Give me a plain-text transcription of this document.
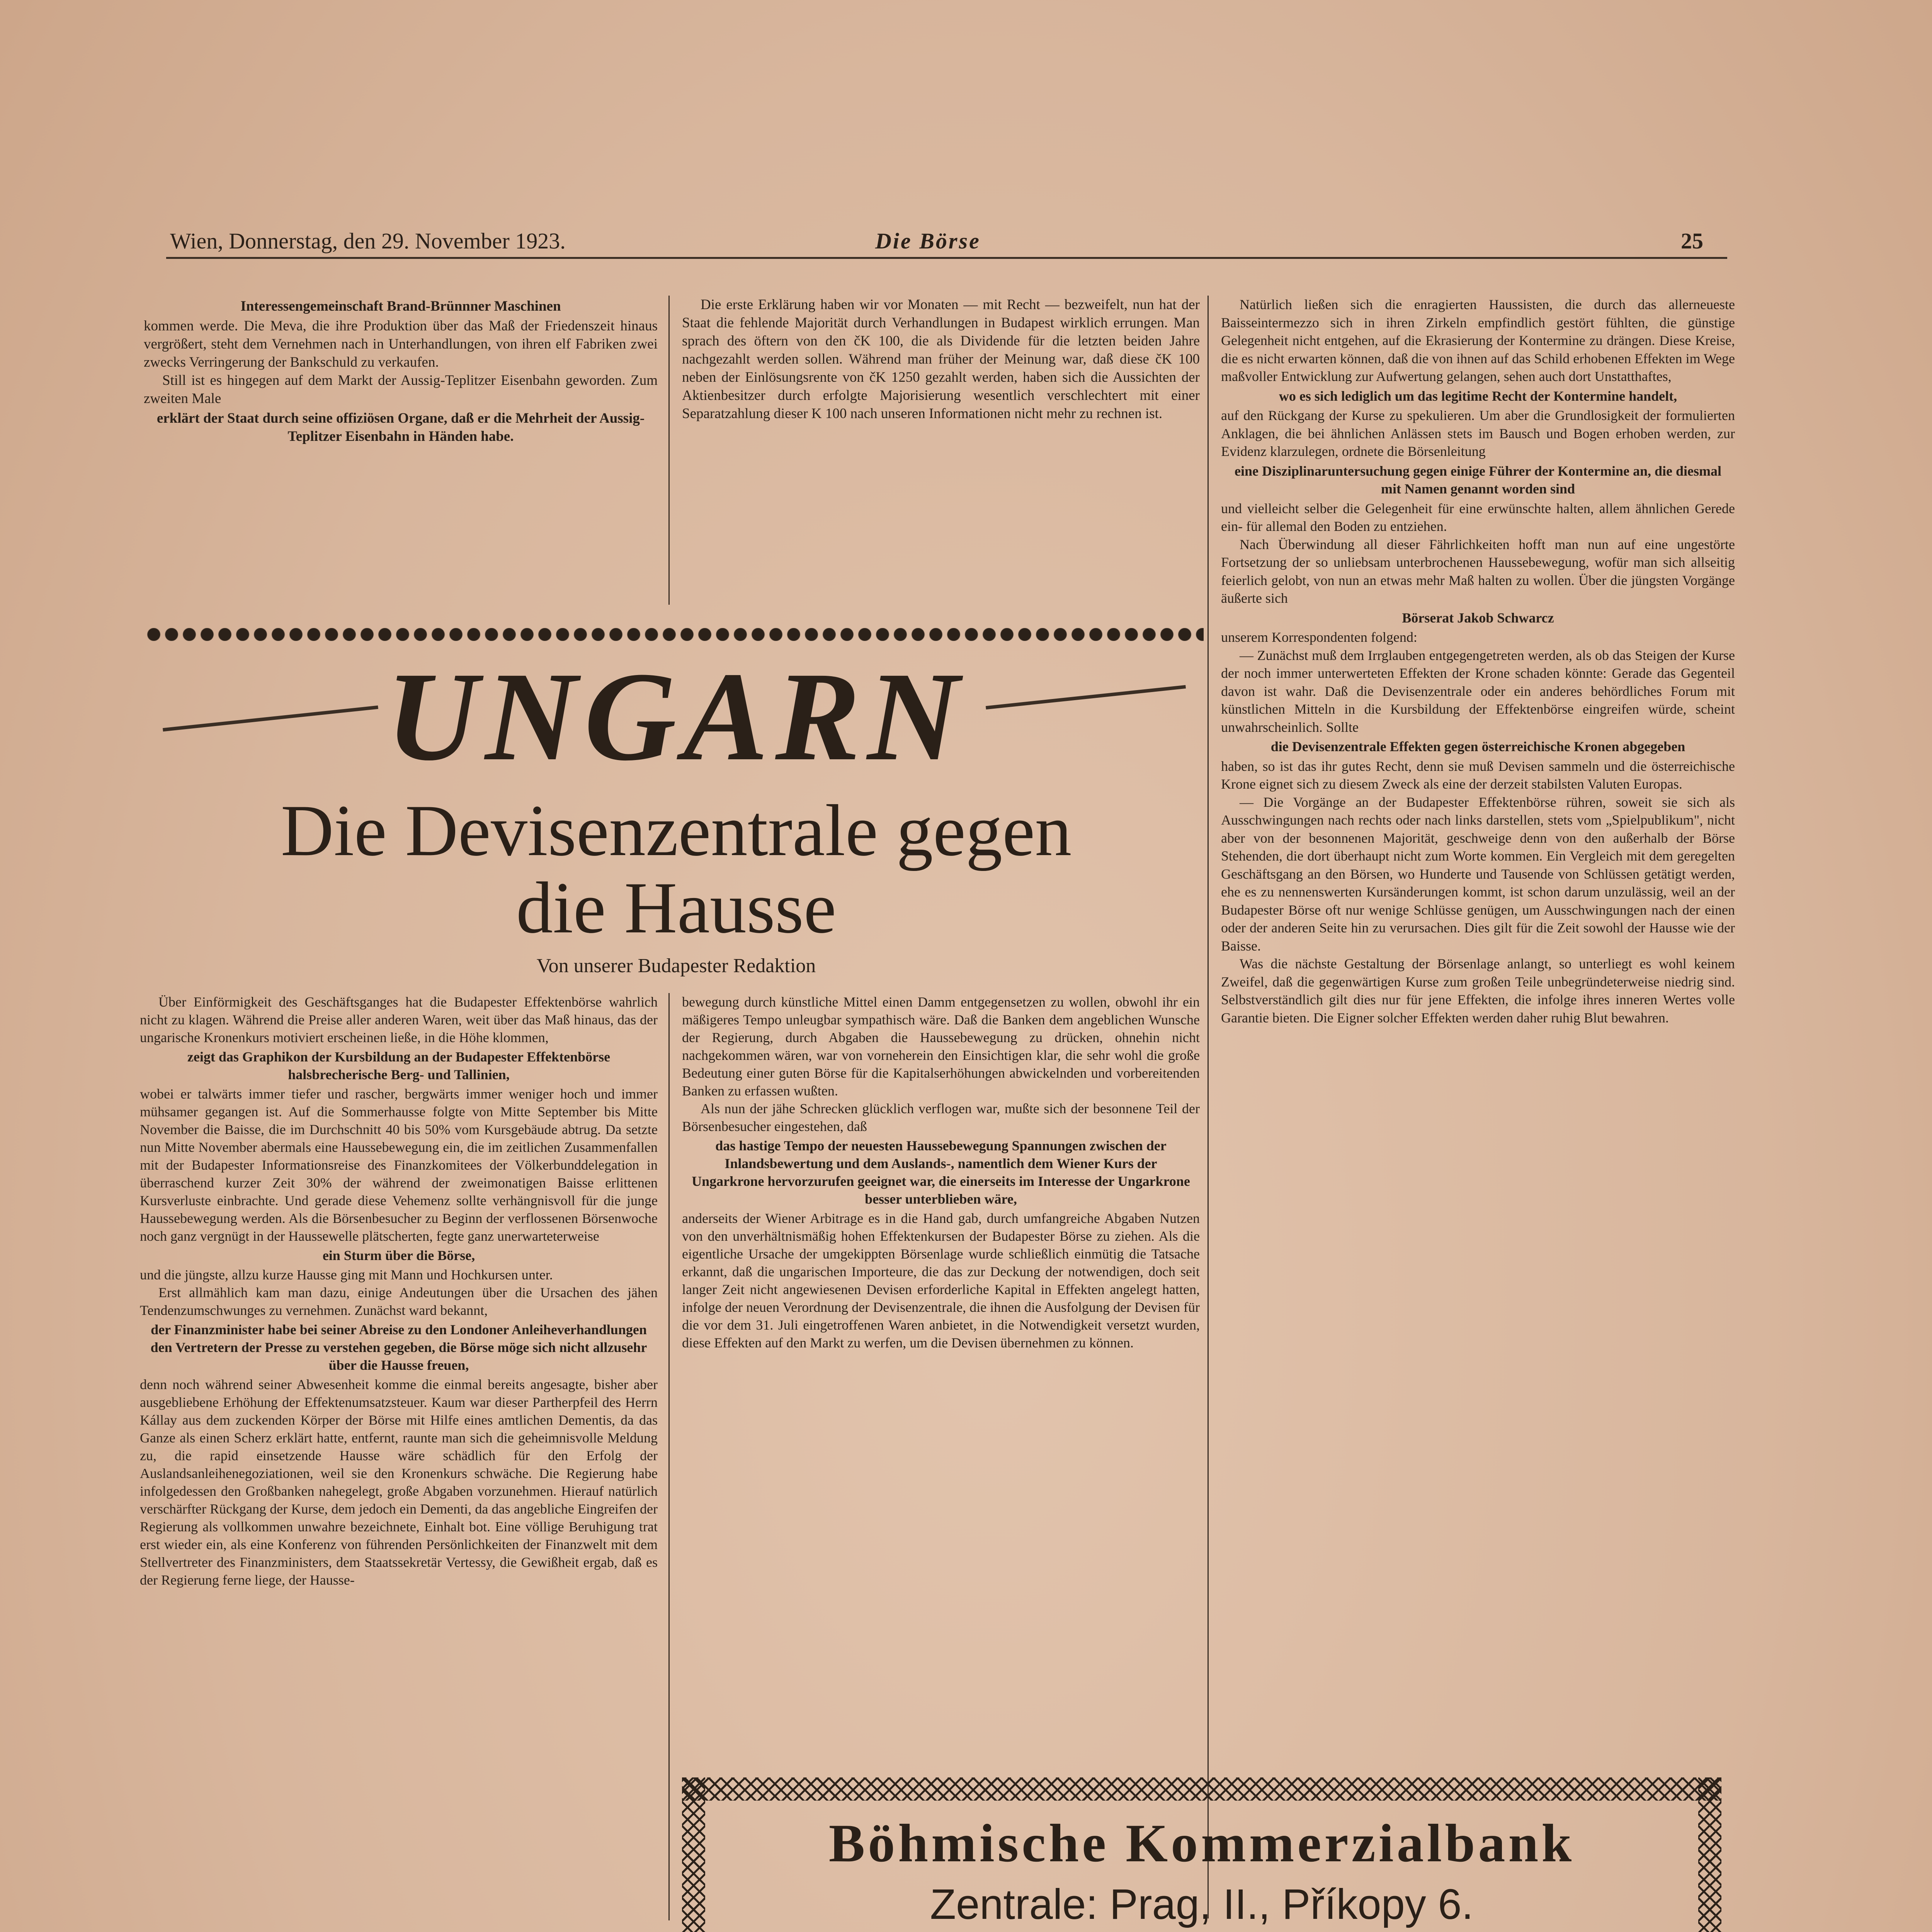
Wien, Donnerstag, den 29. November 1923.	Die Börse	25
Interessengemeinschaft Brand-Brünnner Maschinen

kommen werde. Die Meva, die ihre Produktion über das Maß der Friedenszeit hinaus vergrößert, steht dem Vernehmen nach in Unterhandlungen, von ihren elf Fabriken zwei zwecks Verringerung der Bankschuld zu verkaufen.

Still ist es hingegen auf dem Markt der Aussig-Teplitzer Eisenbahn geworden. Zum zweiten Male

erklärt der Staat durch seine offiziösen Organe, daß er die Mehrheit der Aussig-Teplitzer Eisenbahn in Händen habe.

Die erste Erklärung haben wir vor Monaten — mit Recht — bezweifelt, nun hat der Staat die fehlende Majorität durch Verhandlungen in Budapest wirklich errungen. Man sprach des öftern von den čK 100, die als Dividende für die letzten beiden Jahre nachgezahlt werden sollen. Während man früher der Meinung war, daß diese čK 100 neben der Einlösungsrente von čK 1250 gezahlt werden, haben sich die Aussichten der Aktienbesitzer durch erfolgte Majorisierung wesentlich verschlechtert mit einer Separatzahlung dieser K 100 nach unseren Informationen nicht mehr zu rechnen ist.

Natürlich ließen sich die enragierten Haussisten, die durch das allerneueste Baisseintermezzo sich in ihren Zirkeln empfindlich gestört fühlten, die günstige Gelegenheit nicht entgehen, auf die Ekrasierung der Kontermine zu drängen. Diese Kreise, die es nicht erwarten können, daß die von ihnen auf das Schild erhobenen Effekten im Wege maßvoller Entwicklung zur Aufwertung gelangen, sehen auch dort Unstatthaftes,

wo es sich lediglich um das legitime Recht der Kontermine handelt,

auf den Rückgang der Kurse zu spekulieren. Um aber die Grundlosigkeit der formulierten Anklagen, die bei ähnlichen Anlässen stets im Bausch und Bogen erhoben werden, zur Evidenz klarzulegen, ordnete die Börsenleitung

eine Disziplinaruntersuchung gegen einige Führer der Kontermine an, die diesmal mit Namen genannt worden sind

und vielleicht selber die Gelegenheit für eine erwünschte halten, allem ähnlichen Gerede ein- für allemal den Boden zu entziehen.

Nach Überwindung all dieser Fährlichkeiten hofft man nun auf eine ungestörte Fortsetzung der so unliebsam unterbrochenen Haussebewegung, wofür man sich allseitig feierlich gelobt, von nun an etwas mehr Maß halten zu wollen. Über die jüngsten Vorgänge äußerte sich

Börserat Jakob Schwarcz

unserem Korrespondenten folgend:

— Zunächst muß dem Irrglauben entgegengetreten werden, als ob das Steigen der Kurse der noch immer unterwerteten Effekten der Krone schaden könnte: Gerade das Gegenteil davon ist wahr. Daß die Devisenzentrale oder ein anderes behördliches Forum mit künstlichen Mitteln in die Kursbildung der Effektenbörse eingreifen würde, scheint unwahrscheinlich. Sollte

die Devisenzentrale Effekten gegen österreichische Kronen abgegeben

haben, so ist das ihr gutes Recht, denn sie muß Devisen sammeln und die österreichische Krone eignet sich zu diesem Zweck als eine der derzeit stabilsten Valuten Europas.

— Die Vorgänge an der Budapester Effektenbörse rühren, soweit sie sich als Ausschwingungen nach rechts oder nach links darstellen, stets vom „Spielpublikum", nicht aber von der besonnenen Majorität, geschweige denn von den außerhalb der Börse Stehenden, die dort überhaupt nicht zum Worte kommen. Ein Vergleich mit dem geregelten Geschäftsgang an den Börsen, wo Hunderte und Tausende von Schlüssen getätigt werden, ehe es zu nennenswerten Kursänderungen kommt, ist schon darum unzulässig, weil an der Budapester Börse oft nur wenige Schlüsse genügen, um Ausschwingungen nach der einen oder der anderen Seite hin zu verursachen. Dies gilt für die Zeit sowohl der Hausse wie der Baisse.

Was die nächste Gestaltung der Börsenlage anlangt, so unterliegt es wohl keinem Zweifel, daß die gegenwärtigen Kurse zum großen Teile unbegründeterweise niedrig sind. Selbstverständlich gilt dies nur für jene Effekten, die infolge ihres inneren Wertes volle Garantie bieten. Die Eigner solcher Effekten werden daher ruhig Blut bewahren.

UNGARN
Die Devisenzentrale gegen
die Hausse
Von unserer Budapester Redaktion

Über Einförmigkeit des Geschäftsganges hat die Budapester Effektenbörse wahrlich nicht zu klagen. Während die Preise aller anderen Waren, weit über das Maß hinaus, das der ungarische Kronenkurs motiviert erscheinen ließe, in die Höhe klommen,

zeigt das Graphikon der Kursbildung an der Budapester Effektenbörse halsbrecherische Berg- und Tallinien,

wobei er talwärts immer tiefer und rascher, bergwärts immer weniger hoch und immer mühsamer gegangen ist. Auf die Sommerhausse folgte von Mitte September bis Mitte November die Baisse, die im Durchschnitt 40 bis 50% vom Kursgebäude abtrug. Da setzte nun Mitte November abermals eine Haussebewegung ein, die im zeitlichen Zusammenfallen mit der Budapester Informationsreise des Finanzkomitees der Völkerbunddelegation in überraschend kurzer Zeit 30% der während der zweimonatigen Baisse erlittenen Kursverluste einbrachte. Und gerade diese Vehemenz sollte verhängnisvoll für die junge Haussebewegung werden. Als die Börsenbesucher zu Beginn der verflossenen Börsenwoche noch ganz vergnügt in der Haussewelle plätscherten, fegte ganz unerwarteterweise

ein Sturm über die Börse,

und die jüngste, allzu kurze Hausse ging mit Mann und Hochkursen unter.

Erst allmählich kam man dazu, einige Andeutungen über die Ursachen des jähen Tendenzumschwunges zu vernehmen. Zunächst ward bekannt,

der Finanzminister habe bei seiner Abreise zu den Londoner Anleiheverhandlungen den Vertretern der Presse zu verstehen gegeben, die Börse möge sich nicht allzusehr über die Hausse freuen,

denn noch während seiner Abwesenheit komme die einmal bereits angesagte, bisher aber ausgebliebene Erhöhung der Effektenumsatzsteuer. Kaum war dieser Partherpfeil des Herrn Kállay aus dem zuckenden Körper der Börse mit Hilfe eines amtlichen Dementis, da das Ganze als einen Scherz erklärt hatte, entfernt, raunte man sich die geheimnisvolle Meldung zu, die rapid einsetzende Hausse wäre schädlich für den Erfolg der Auslandsanleihenegoziationen, weil sie den Kronenkurs schwäche. Die Regierung habe infolgedessen den Großbanken nahegelegt, große Abgaben vorzunehmen. Hierauf natürlich verschärfter Rückgang der Kurse, dem jedoch ein Dementi, da das angebliche Eingreifen der Regierung als vollkommen unwahre bezeichnete, Einhalt bot. Eine völlige Beruhigung trat erst wieder ein, als eine Konferenz von führenden Persönlichkeiten der Finanzwelt mit dem Stellvertreter des Finanzministers, dem Staatssekretär Vertessy, die Gewißheit ergab, daß es der Regierung ferne liege, der Hausse-

bewegung durch künstliche Mittel einen Damm entgegensetzen zu wollen, obwohl ihr ein mäßigeres Tempo unleugbar sympathisch wäre. Daß die Banken dem angeblichen Wunsche der Regierung, durch Abgaben die Haussebewegung zu drücken, ohnehin nicht nachgekommen wären, war von vorneherein den Einsichtigen klar, die sehr wohl die große Bedeutung einer guten Börse für die Kapitalserhöhungen abwickelnden und vorbereitenden Banken zu erfassen wußten.

Als nun der jähe Schrecken glücklich verflogen war, mußte sich der besonnene Teil der Börsenbesucher eingestehen, daß

das hastige Tempo der neuesten Haussebewegung Spannungen zwischen der Inlandsbewertung und dem Auslands-, namentlich dem Wiener Kurs der Ungarkrone hervorzurufen geeignet war, die einerseits im Interesse der Ungarkrone besser unterblieben wäre,

anderseits der Wiener Arbitrage es in die Hand gab, durch umfangreiche Abgaben Nutzen von den unverhältnismäßig hohen Effektenkursen der Budapester Börse zu ziehen. Als die eigentliche Ursache der umgekippten Börsenlage wurde schließlich einmütig die Tatsache erkannt, daß die ungarischen Importeure, die das zur Deckung der notwendigen, doch seit langer Zeit nicht angewiesenen Devisen erforderliche Kapital in Effekten angelegt hatten, infolge der neuen Verordnung der Devisenzentrale, die ihnen die Ausfolgung der Devisen für die vor dem 31. Juli eingetroffenen Waren anbietet, in die Notwendigkeit versetzt wurden, diese Effekten auf den Markt zu werfen, um die Devisen übernehmen zu können.

Böhmische Kommerzialbank
Zentrale: Prag, II., Příkopy 6.
